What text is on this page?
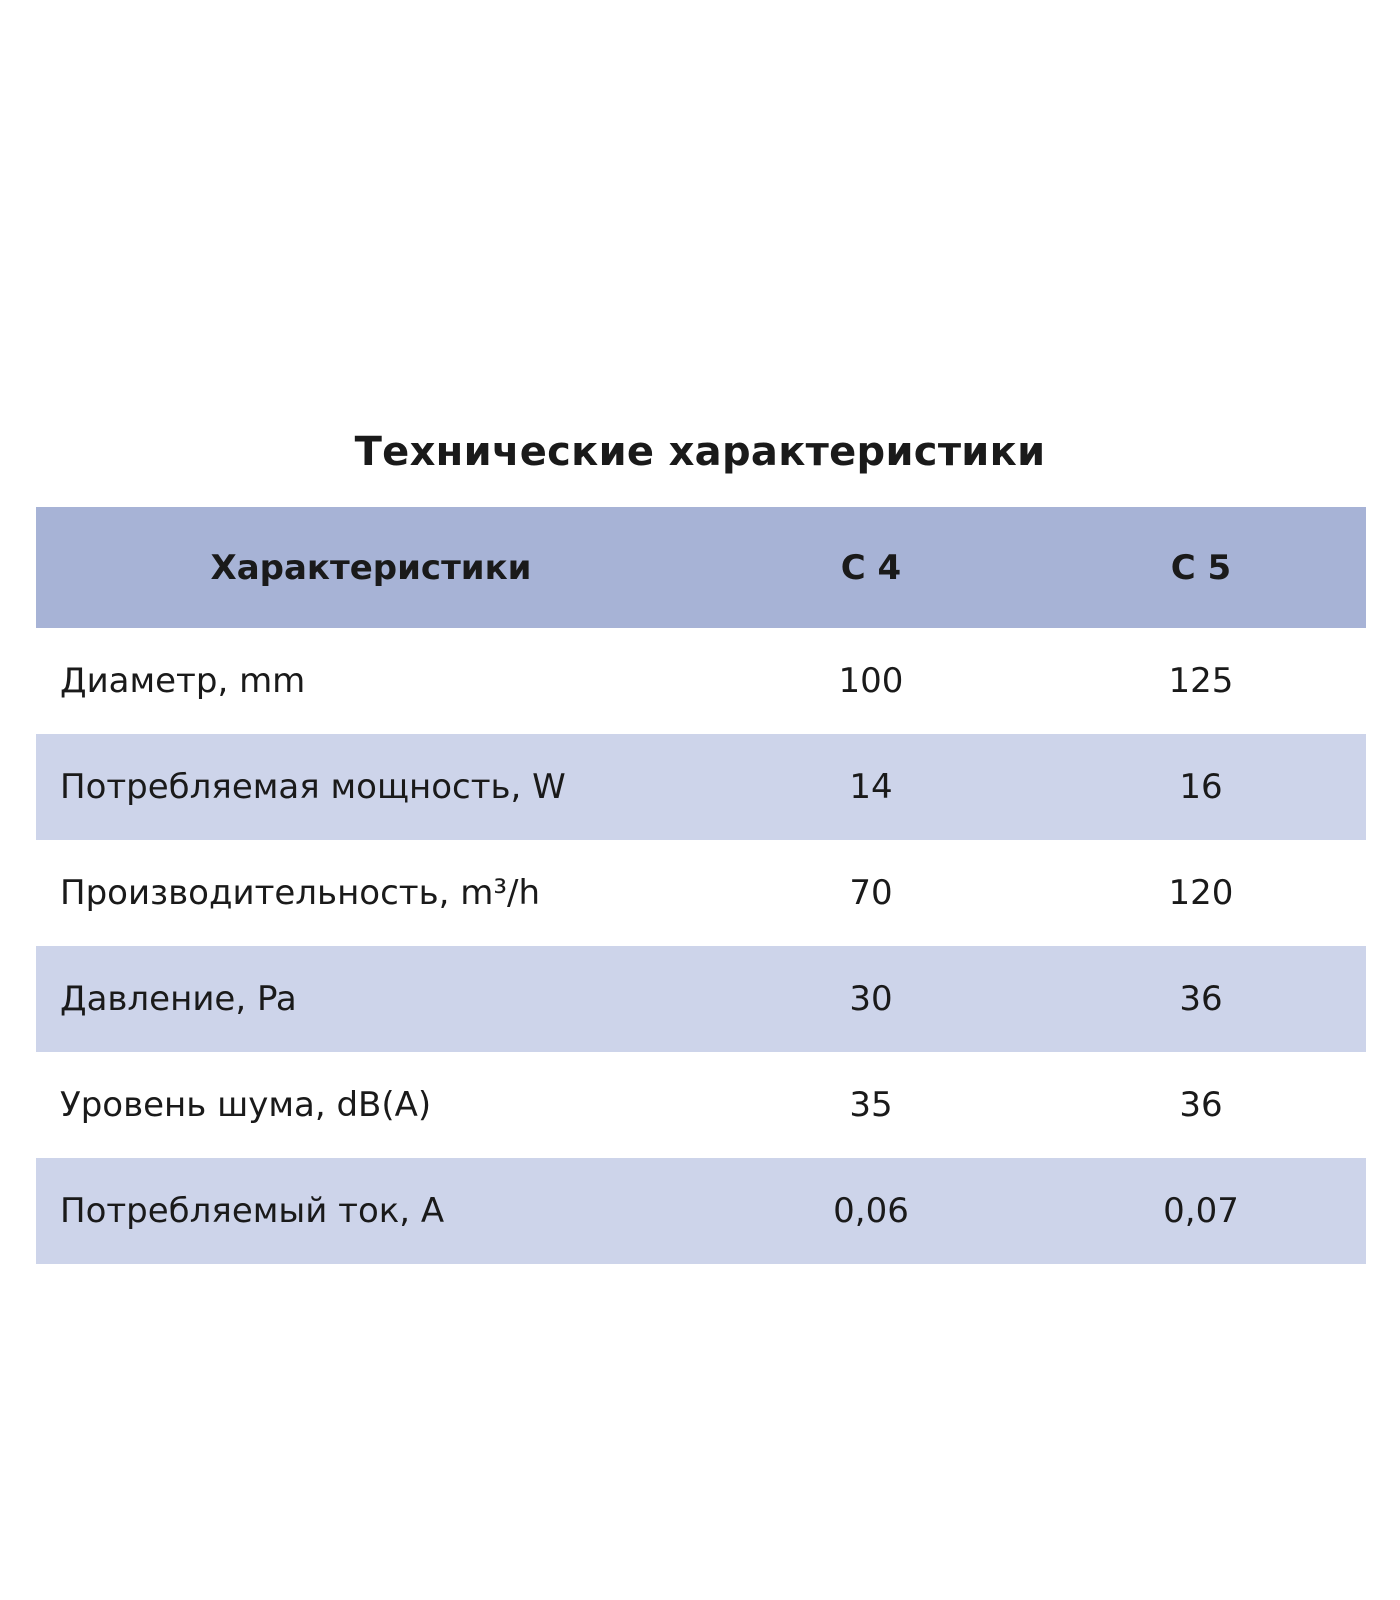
Технические характеристики
Характеристики	C 4	C 5
Диаметр, mm	100	125
Потребляемая мощность, W	14	16
Производительность, m³/h	70	120
Давление, Pa	30	36
Уровень шума, dB(A)	35	36
Потребляемый ток, A	0,06	0,07
